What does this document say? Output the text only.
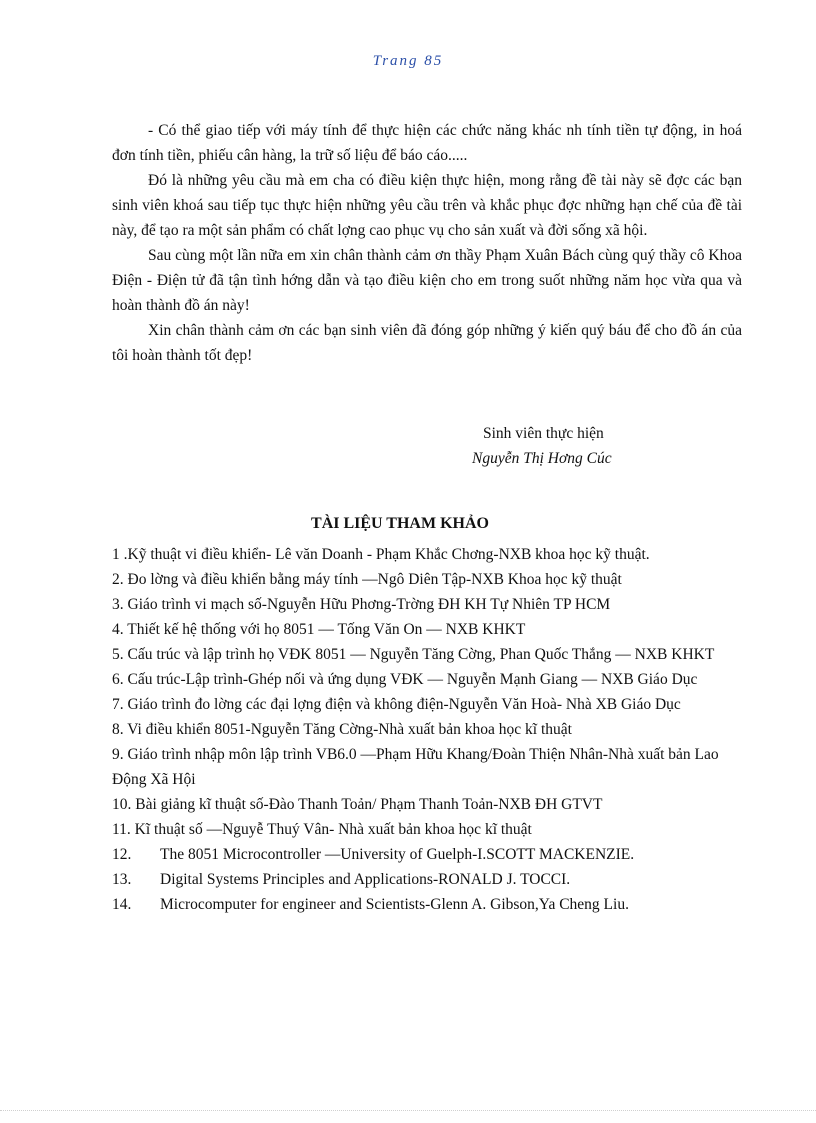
Trang 85

- Có thể giao tiếp với máy tính để thực hiện các chức năng khác nh tính tiền tự động, in hoá đơn tính tiền, phiếu cân hàng, la trữ số liệu để báo cáo.....

Đó là những yêu cầu mà em cha có điều kiện thực hiện, mong rằng đề tài này sẽ đợc các bạn sinh viên khoá sau tiếp tục thực hiện những yêu cầu trên và khắc phục đợc những hạn chế của đề tài này, để tạo ra một sản phẩm có chất lợng cao phục vụ cho sản xuất và đời sống xã hội.

Sau cùng một lần nữa em xin chân thành cảm ơn thầy Phạm Xuân Bách cùng quý thầy cô Khoa Điện - Điện tử đã tận tình hớng dẫn và tạo điều kiện cho em trong suốt những năm học vừa qua và hoàn thành đồ án này!

Xin chân thành cảm ơn các bạn sinh viên đã đóng góp những ý kiến quý báu để cho đồ án của tôi hoàn thành tốt đẹp!

Sinh viên thực hiện
Nguyễn Thị Hơng Cúc
TÀI LIỆU THAM KHẢO

1 .Kỹ thuật vi điều khiển- Lê văn Doanh - Phạm Khắc Chơng-NXB khoa học kỹ thuật.

2. Đo lờng và điều khiển bằng máy tính —Ngô Diên Tập-NXB Khoa học kỹ thuật

3. Giáo trình vi mạch số-Nguyễn Hữu Phơng-Trờng ĐH KH Tự Nhiên TP HCM

4. Thiết kế hệ thống với họ 8051 — Tống Văn On — NXB KHKT

5. Cấu trúc và lập trình họ VĐK 8051 — Nguyễn Tăng Cờng, Phan Quốc Thắng — NXB KHKT

6. Cấu trúc-Lập trình-Ghép nối và ứng dụng VĐK — Nguyễn Mạnh Giang — NXB Giáo Dục

7. Giáo trình đo lờng các đại lợng điện và không điện-Nguyễn Văn Hoà- Nhà XB Giáo Dục

8. Vi điều khiển 8051-Nguyễn Tăng Cờng-Nhà xuất bản khoa học kĩ thuật

9. Giáo trình nhập môn lập trình VB6.0 —Phạm Hữu Khang/Đoàn Thiện Nhân-Nhà xuất bản Lao Động Xã Hội

10. Bài giảng kĩ thuật số-Đào Thanh Toản/ Phạm Thanh Toản-NXB ĐH GTVT

11. Kĩ thuật số —Nguyễ Thuý Vân- Nhà xuất bản khoa học kĩ thuật

12. The 8051 Microcontroller —University of Guelph-I.SCOTT MACKENZIE.

13. Digital Systems Principles and Applications-RONALD J. TOCCI.

14. Microcomputer for engineer and Scientists-Glenn A. Gibson,Ya Cheng Liu.
